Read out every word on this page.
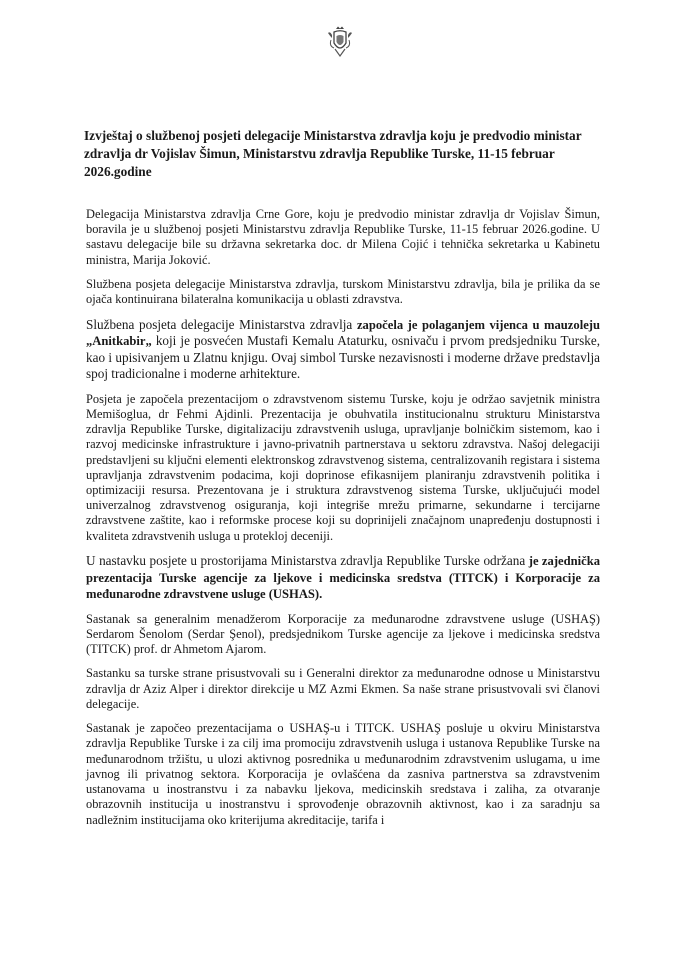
Izvještaj o službenoj posjeti delegacije Ministarstva zdravlja koju je predvodio ministar zdravlja dr Vojislav Šimun, Ministarstvu zdravlja Republike Turske, 11-15 februar 2026.godine

Delegacija Ministarstva zdravlja Crne Gore, koju je predvodio ministar zdravlja dr Vojislav Šimun, boravila je u službenoj posjeti Ministarstvu zdravlja Republike Turske, 11-15 februar 2026.godine. U sastavu delegacije bile su državna sekretarka doc. dr Milena Cojić i tehnička sekretarka u Kabinetu ministra, Marija Joković.

Službena posjeta delegacije Ministarstva zdravlja, turskom Ministarstvu zdravlja, bila je prilika da se ojača kontinuirana bilateralna komunikacija u oblasti zdravstva.

Službena posjeta delegacije Ministarstva zdravlja započela je polaganjem vijenca u mauzoleju „Anitkabir„ koji je posvećen Mustafi Kemalu Ataturku, osnivaču i prvom predsjedniku Turske, kao i upisivanjem u Zlatnu knjigu. Ovaj simbol Turske nezavisnosti i moderne države predstavlja spoj tradicionalne i moderne arhitekture.

Posjeta je započela prezentacijom o zdravstvenom sistemu Turske, koju je održao savjetnik ministra Memišoglua, dr Fehmi Ajdinli. Prezentacija je obuhvatila institucionalnu strukturu Ministarstva zdravlja Republike Turske, digitalizaciju zdravstvenih usluga, upravljanje bolničkim sistemom, kao i razvoj medicinske infrastrukture i javno-privatnih partnerstava u sektoru zdravstva. Našoj delegaciji predstavljeni su ključni elementi elektronskog zdravstvenog sistema, centralizovanih registara i sistema upravljanja zdravstvenim podacima, koji doprinose efikasnijem planiranju zdravstvenih politika i optimizaciji resursa. Prezentovana je i struktura zdravstvenog sistema Turske, uključujući model univerzalnog zdravstvenog osiguranja, koji integriše mrežu primarne, sekundarne i tercijarne zdravstvene zaštite, kao i reformske procese koji su doprinijeli značajnom unapređenju dostupnosti i kvaliteta zdravstvenih usluga u protekloj deceniji.

U nastavku posjete u prostorijama Ministarstva zdravlja Republike Turske održana je zajednička prezentacija Turske agencije za ljekove i medicinska sredstva (TITCK) i Korporacije za međunarodne zdravstvene usluge (USHAS).

Sastanak sa generalnim menadžerom Korporacije za međunarodne zdravstvene usluge (USHAŞ) Serdarom Šenolom (Serdar Şenol), predsjednikom Turske agencije za ljekove i medicinska sredstva (TITCK) prof. dr Ahmetom Ajarom.

Sastanku sa turske strane prisustvovali su i Generalni direktor za međunarodne odnose u Ministarstvu zdravlja dr Aziz Alper i direktor direkcije u MZ Azmi Ekmen. Sa naše strane prisustvovali svi članovi delegacije.

Sastanak je započeo prezentacijama o USHAŞ-u i TITCK. USHAŞ posluje u okviru Ministarstva zdravlja Republike Turske i za cilj ima promociju zdravstvenih usluga i ustanova Republike Turske na međunarodnom tržištu, u ulozi aktivnog posrednika u međunarodnim zdravstvenim uslugama, u ime javnog ili privatnog sektora. Korporacija je ovlašćena da zasniva partnerstva sa zdravstvenim ustanovama u inostranstvu i za nabavku ljekova, medicinskih sredstava i zaliha, za otvaranje obrazovnih institucija u inostranstvu i sprovođenje obrazovnih aktivnost, kao i za saradnju sa nadležnim institucijama oko kriterijuma akreditacije, tarifa i
